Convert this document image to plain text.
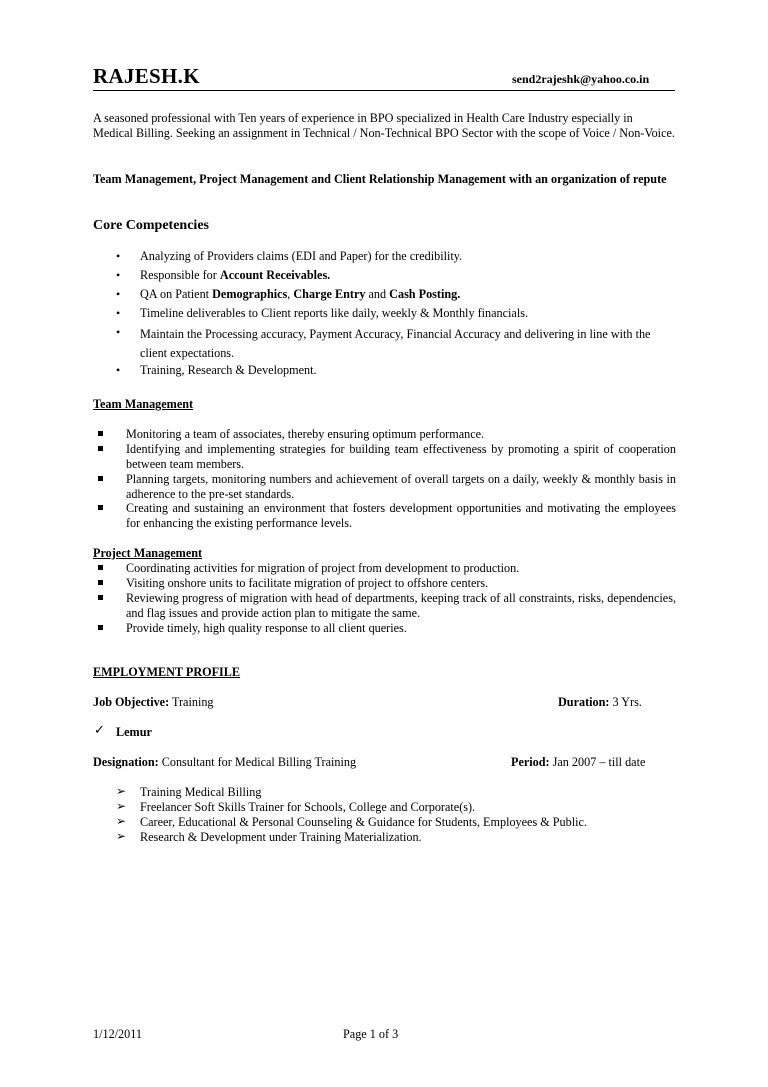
RAJESH.K	send2rajeshk@yahoo.co.in
A seasoned professional with Ten years of experience in BPO specialized in Health Care Industry especially in Medical Billing. Seeking an assignment in Technical / Non-Technical BPO Sector with the scope of Voice / Non-Voice.
Team Management, Project Management and Client Relationship Management with an organization of repute
Core Competencies
• Analyzing of Providers claims (EDI and Paper) for the credibility.
• Responsible for Account Receivables.
• QA on Patient Demographics, Charge Entry and Cash Posting.
• Timeline deliverables to Client reports like daily, weekly & Monthly financials.
• Maintain the Processing accuracy, Payment Accuracy, Financial Accuracy and delivering in line with the client expectations.
• Training, Research & Development.
Team Management
Monitoring a team of associates, thereby ensuring optimum performance.
Identifying and implementing strategies for building team effectiveness by promoting a spirit of cooperation between team members.
Planning targets, monitoring numbers and achievement of overall targets on a daily, weekly & monthly basis in adherence to the pre-set standards.
Creating and sustaining an environment that fosters development opportunities and motivating the employees for enhancing the existing performance levels.
Project Management
Coordinating activities for migration of project from development to production.
Visiting onshore units to facilitate migration of project to offshore centers.
Reviewing progress of migration with head of departments, keeping track of all constraints, risks, dependencies, and flag issues and provide action plan to mitigate the same.
Provide timely, high quality response to all client queries.
EMPLOYMENT PROFILE
Job Objective: Training	Duration: 3 Yrs.
✓ Lemur
Designation: Consultant for Medical Billing Training	Period: Jan 2007 – till date
➢ Training Medical Billing
➢ Freelancer Soft Skills Trainer for Schools, College and Corporate(s).
➢ Career, Educational & Personal Counseling & Guidance for Students, Employees & Public.
➢ Research & Development under Training Materialization.
1/12/2011	Page 1 of 3
